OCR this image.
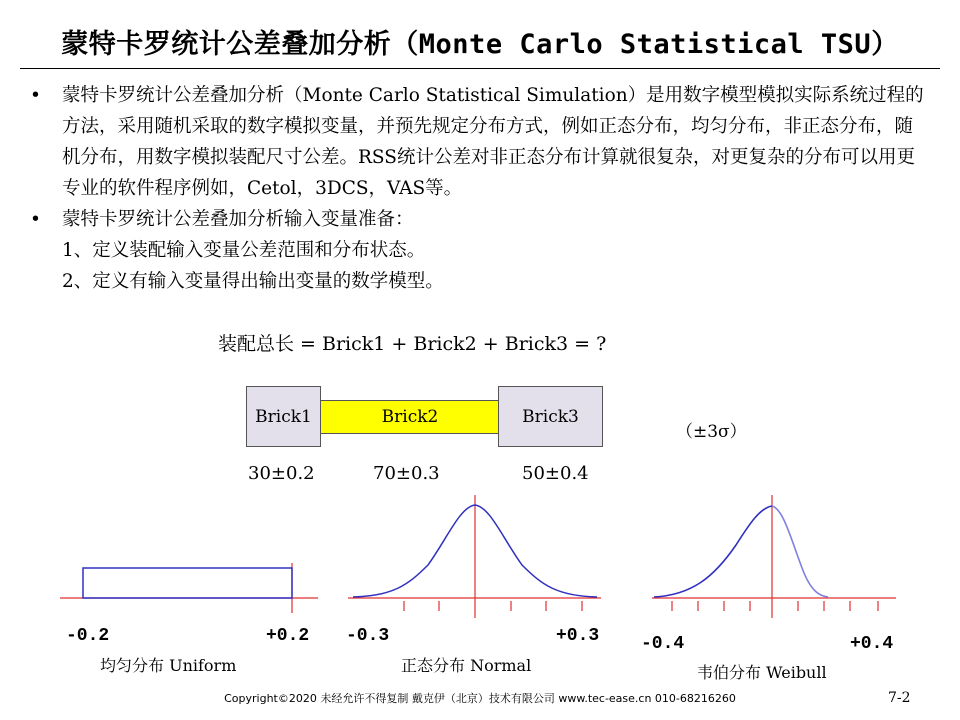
蒙特卡罗统计公差叠加分析（Monte Carlo Statistical TSU）
• 蒙特卡罗统计公差叠加分析（Monte Carlo Statistical Simulation）是用数字模型模拟实际系统过程的方法，采用随机采取的数字模拟变量，并预先规定分布方式，例如正态分布，均匀分布，非正态分布，随机分布，用数字模拟装配尺寸公差。RSS统计公差对非正态分布计算就很复杂，对更复杂的分布可以用更专业的软件程序例如，Cetol，3DCS，VAS等。

• 蒙特卡罗统计公差叠加分析输入变量准备：

1、定义装配输入变量公差范围和分布状态。
2、定义有输入变量得出输出变量的数学模型。
装配总长 = Brick1 + Brick2 + Brick3 = ?
Brick1	Brick2	Brick3
（±3σ）
30±0.2	70±0.3	50±0.4
-0.2	+0.2 -0.3	+0.3 -0.4	+0.4
均匀分布 Uniform	正态分布 Normal	韦伯分布 Weibull
Copyright©2020 未经允许不得复制 戴克伊（北京）技术有限公司 www.tec-ease.cn 010-68216260	7-2
